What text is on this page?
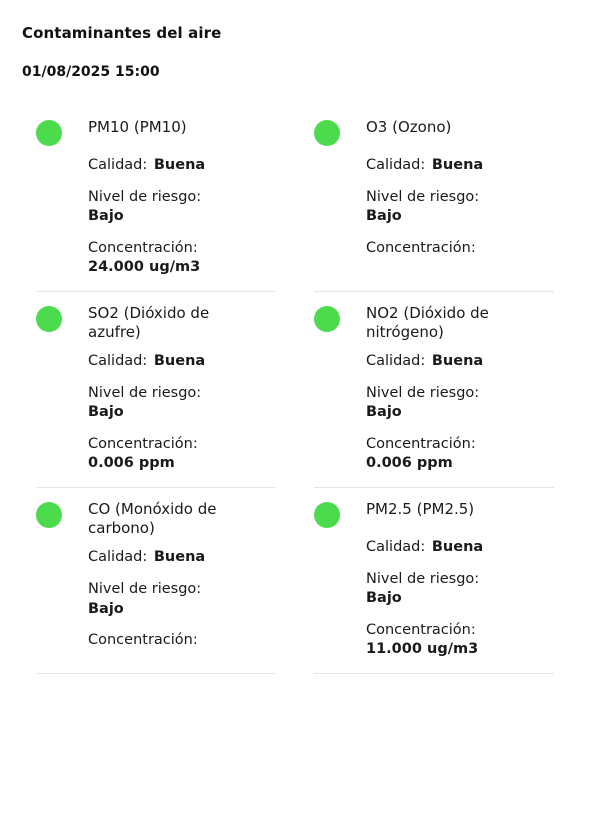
Contaminantes del aire
01/08/2025 15:00
PM10 (PM10)
Calidad: Buena
Nivel de riesgo:
Bajo
Concentración:
24.000 ug/m3
O3 (Ozono)
Calidad: Buena
Nivel de riesgo:
Bajo
Concentración:
SO2 (Dióxido de azufre)
Calidad: Buena
Nivel de riesgo:
Bajo
Concentración:
0.006 ppm
NO2 (Dióxido de nitrógeno)
Calidad: Buena
Nivel de riesgo:
Bajo
Concentración:
0.006 ppm
CO (Monóxido de carbono)
Calidad: Buena
Nivel de riesgo:
Bajo
Concentración:
PM2.5 (PM2.5)
Calidad: Buena
Nivel de riesgo:
Bajo
Concentración:
11.000 ug/m3
